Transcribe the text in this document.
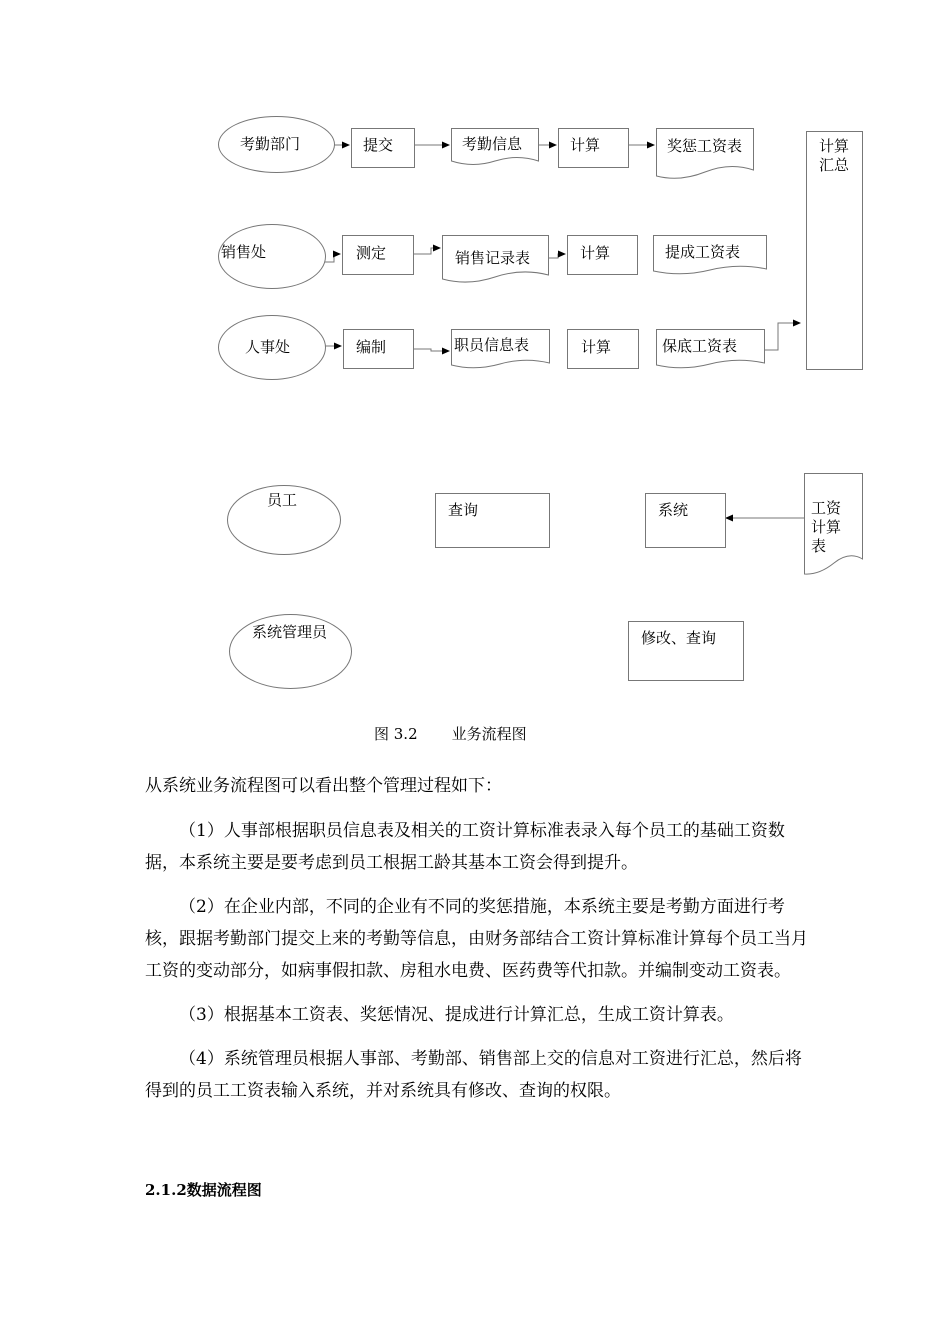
考勤部门	提交	考勤信息	计算	奖惩工资表	计算
汇总
销售处	测定	销售记录表	计算	提成工资表
人事处	编制	职员信息表	计算	保底工资表
员工
查询	系统	工资
计算
表
系统管理员	修改、查询
图 3.2 业务流程图
从系统业务流程图可以看出整个管理过程如下：

（1）人事部根据职员信息表及相关的工资计算标准表录入每个员工的基础工资数据，本系统主要是要考虑到员工根据工龄其基本工资会得到提升。

（2）在企业内部，不同的企业有不同的奖惩措施，本系统主要是考勤方面进行考核，跟据考勤部门提交上来的考勤等信息，由财务部结合工资计算标准计算每个员工当月工资的变动部分，如病事假扣款、房租水电费、医药费等代扣款。并编制变动工资表。

（3）根据基本工资表、奖惩情况、提成进行计算汇总，生成工资计算表。

（4）系统管理员根据人事部、考勤部、销售部上交的信息对工资进行汇总，然后将得到的员工工资表输入系统，并对系统具有修改、查询的权限。

2.1.2数据流程图
